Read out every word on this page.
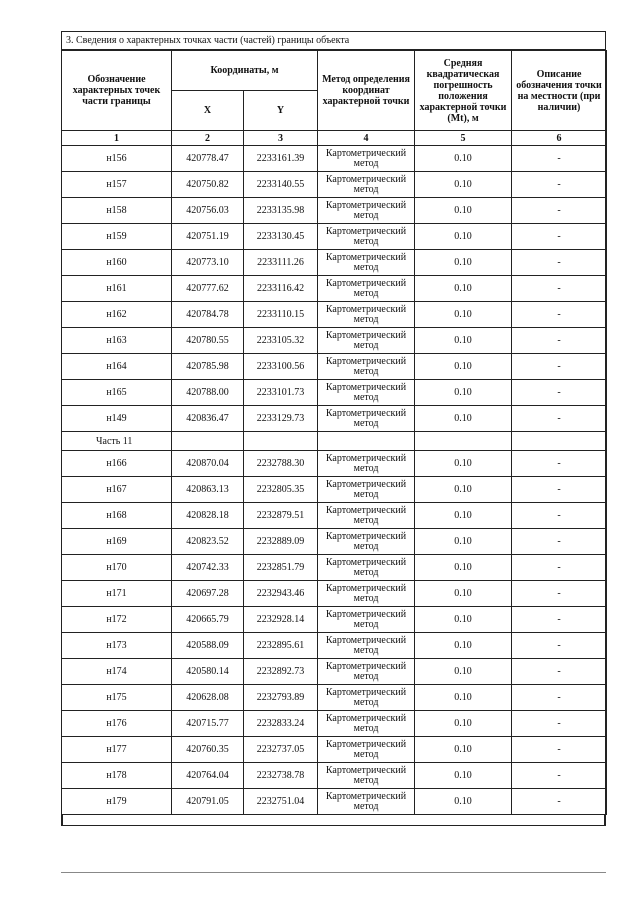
3. Сведения о характерных точках части (частей) границы объекта
Обозначение характерных точек части границы	Координаты, м		Метод определения координат характерной точки	Средняя квадратическая погрешность положения характерной точки (Mt), м	Описание обозначения точки на местности (при наличии)
	X	Y			
1	2	3	4	5	6
н156	420778.47	2233161.39	Картометрический метод	0.10	-
н157	420750.82	2233140.55	Картометрический метод	0.10	-
н158	420756.03	2233135.98	Картометрический метод	0.10	-
н159	420751.19	2233130.45	Картометрический метод	0.10	-
н160	420773.10	2233111.26	Картометрический метод	0.10	-
н161	420777.62	2233116.42	Картометрический метод	0.10	-
н162	420784.78	2233110.15	Картометрический метод	0.10	-
н163	420780.55	2233105.32	Картометрический метод	0.10	-
н164	420785.98	2233100.56	Картометрический метод	0.10	-
н165	420788.00	2233101.73	Картометрический метод	0.10	-
н149	420836.47	2233129.73	Картометрический метод	0.10	-
Часть 11					
н166	420870.04	2232788.30	Картометрический метод	0.10	-
н167	420863.13	2232805.35	Картометрический метод	0.10	-
н168	420828.18	2232879.51	Картометрический метод	0.10	-
н169	420823.52	2232889.09	Картометрический метод	0.10	-
н170	420742.33	2232851.79	Картометрический метод	0.10	-
н171	420697.28	2232943.46	Картометрический метод	0.10	-
н172	420665.79	2232928.14	Картометрический метод	0.10	-
н173	420588.09	2232895.61	Картометрический метод	0.10	-
н174	420580.14	2232892.73	Картометрический метод	0.10	-
н175	420628.08	2232793.89	Картометрический метод	0.10	-
н176	420715.77	2232833.24	Картометрический метод	0.10	-
н177	420760.35	2232737.05	Картометрический метод	0.10	-
н178	420764.04	2232738.78	Картометрический метод	0.10	-
н179	420791.05	2232751.04	Картометрический метод	0.10	-
